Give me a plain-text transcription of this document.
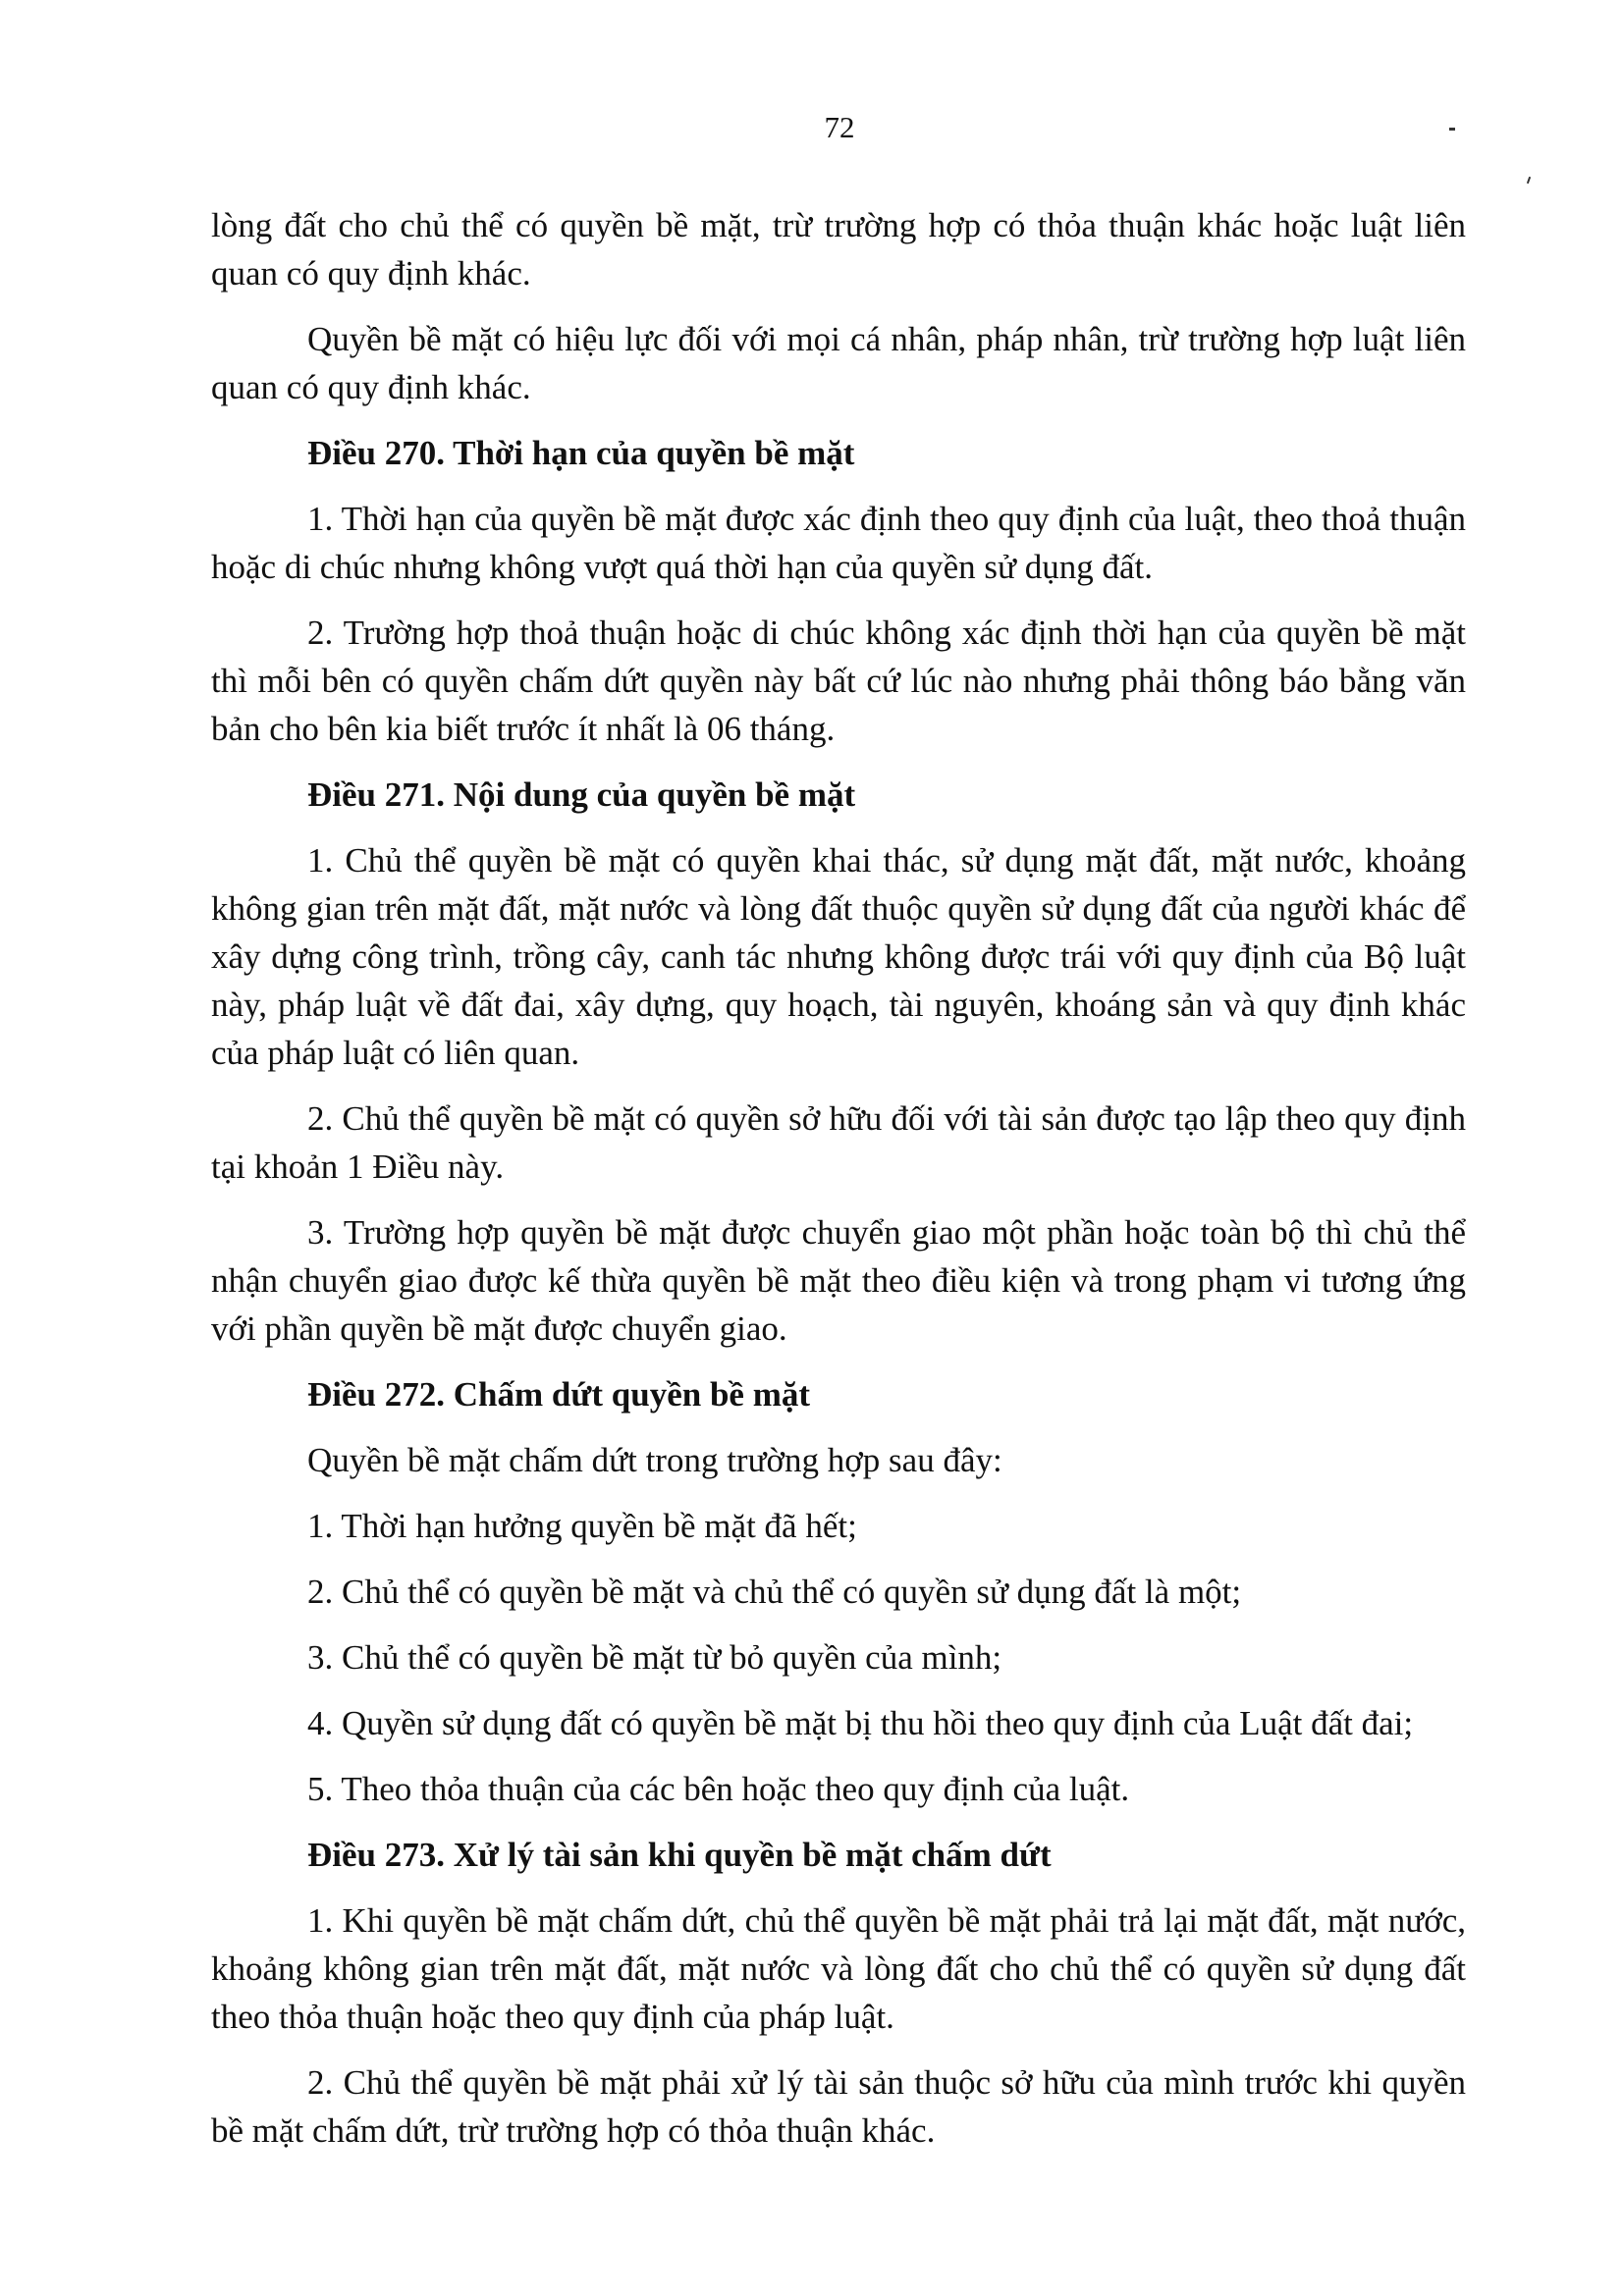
72

lòng đất cho chủ thể có quyền bề mặt, trừ trường hợp có thỏa thuận khác hoặc luật liên quan có quy định khác.

Quyền bề mặt có hiệu lực đối với mọi cá nhân, pháp nhân, trừ trường hợp luật liên quan có quy định khác.

Điều 270. Thời hạn của quyền bề mặt

1. Thời hạn của quyền bề mặt được xác định theo quy định của luật, theo thoả thuận hoặc di chúc nhưng không vượt quá thời hạn của quyền sử dụng đất.

2. Trường hợp thoả thuận hoặc di chúc không xác định thời hạn của quyền bề mặt thì mỗi bên có quyền chấm dứt quyền này bất cứ lúc nào nhưng phải thông báo bằng văn bản cho bên kia biết trước ít nhất là 06 tháng.

Điều 271. Nội dung của quyền bề mặt

1. Chủ thể quyền bề mặt có quyền khai thác, sử dụng mặt đất, mặt nước, khoảng không gian trên mặt đất, mặt nước và lòng đất thuộc quyền sử dụng đất của người khác để xây dựng công trình, trồng cây, canh tác nhưng không được trái với quy định của Bộ luật này, pháp luật về đất đai, xây dựng, quy hoạch, tài nguyên, khoáng sản và quy định khác của pháp luật có liên quan.

2. Chủ thể quyền bề mặt có quyền sở hữu đối với tài sản được tạo lập theo quy định tại khoản 1 Điều này.

3. Trường hợp quyền bề mặt được chuyển giao một phần hoặc toàn bộ thì chủ thể nhận chuyển giao được kế thừa quyền bề mặt theo điều kiện và trong phạm vi tương ứng với phần quyền bề mặt được chuyển giao.

Điều 272. Chấm dứt quyền bề mặt

Quyền bề mặt chấm dứt trong trường hợp sau đây:

1. Thời hạn hưởng quyền bề mặt đã hết;

2. Chủ thể có quyền bề mặt và chủ thể có quyền sử dụng đất là một;

3. Chủ thể có quyền bề mặt từ bỏ quyền của mình;

4. Quyền sử dụng đất có quyền bề mặt bị thu hồi theo quy định của Luật đất đai;

5. Theo thỏa thuận của các bên hoặc theo quy định của luật.

Điều 273. Xử lý tài sản khi quyền bề mặt chấm dứt

1. Khi quyền bề mặt chấm dứt, chủ thể quyền bề mặt phải trả lại mặt đất, mặt nước, khoảng không gian trên mặt đất, mặt nước và lòng đất cho chủ thể có quyền sử dụng đất theo thỏa thuận hoặc theo quy định của pháp luật.

2. Chủ thể quyền bề mặt phải xử lý tài sản thuộc sở hữu của mình trước khi quyền bề mặt chấm dứt, trừ trường hợp có thỏa thuận khác.
